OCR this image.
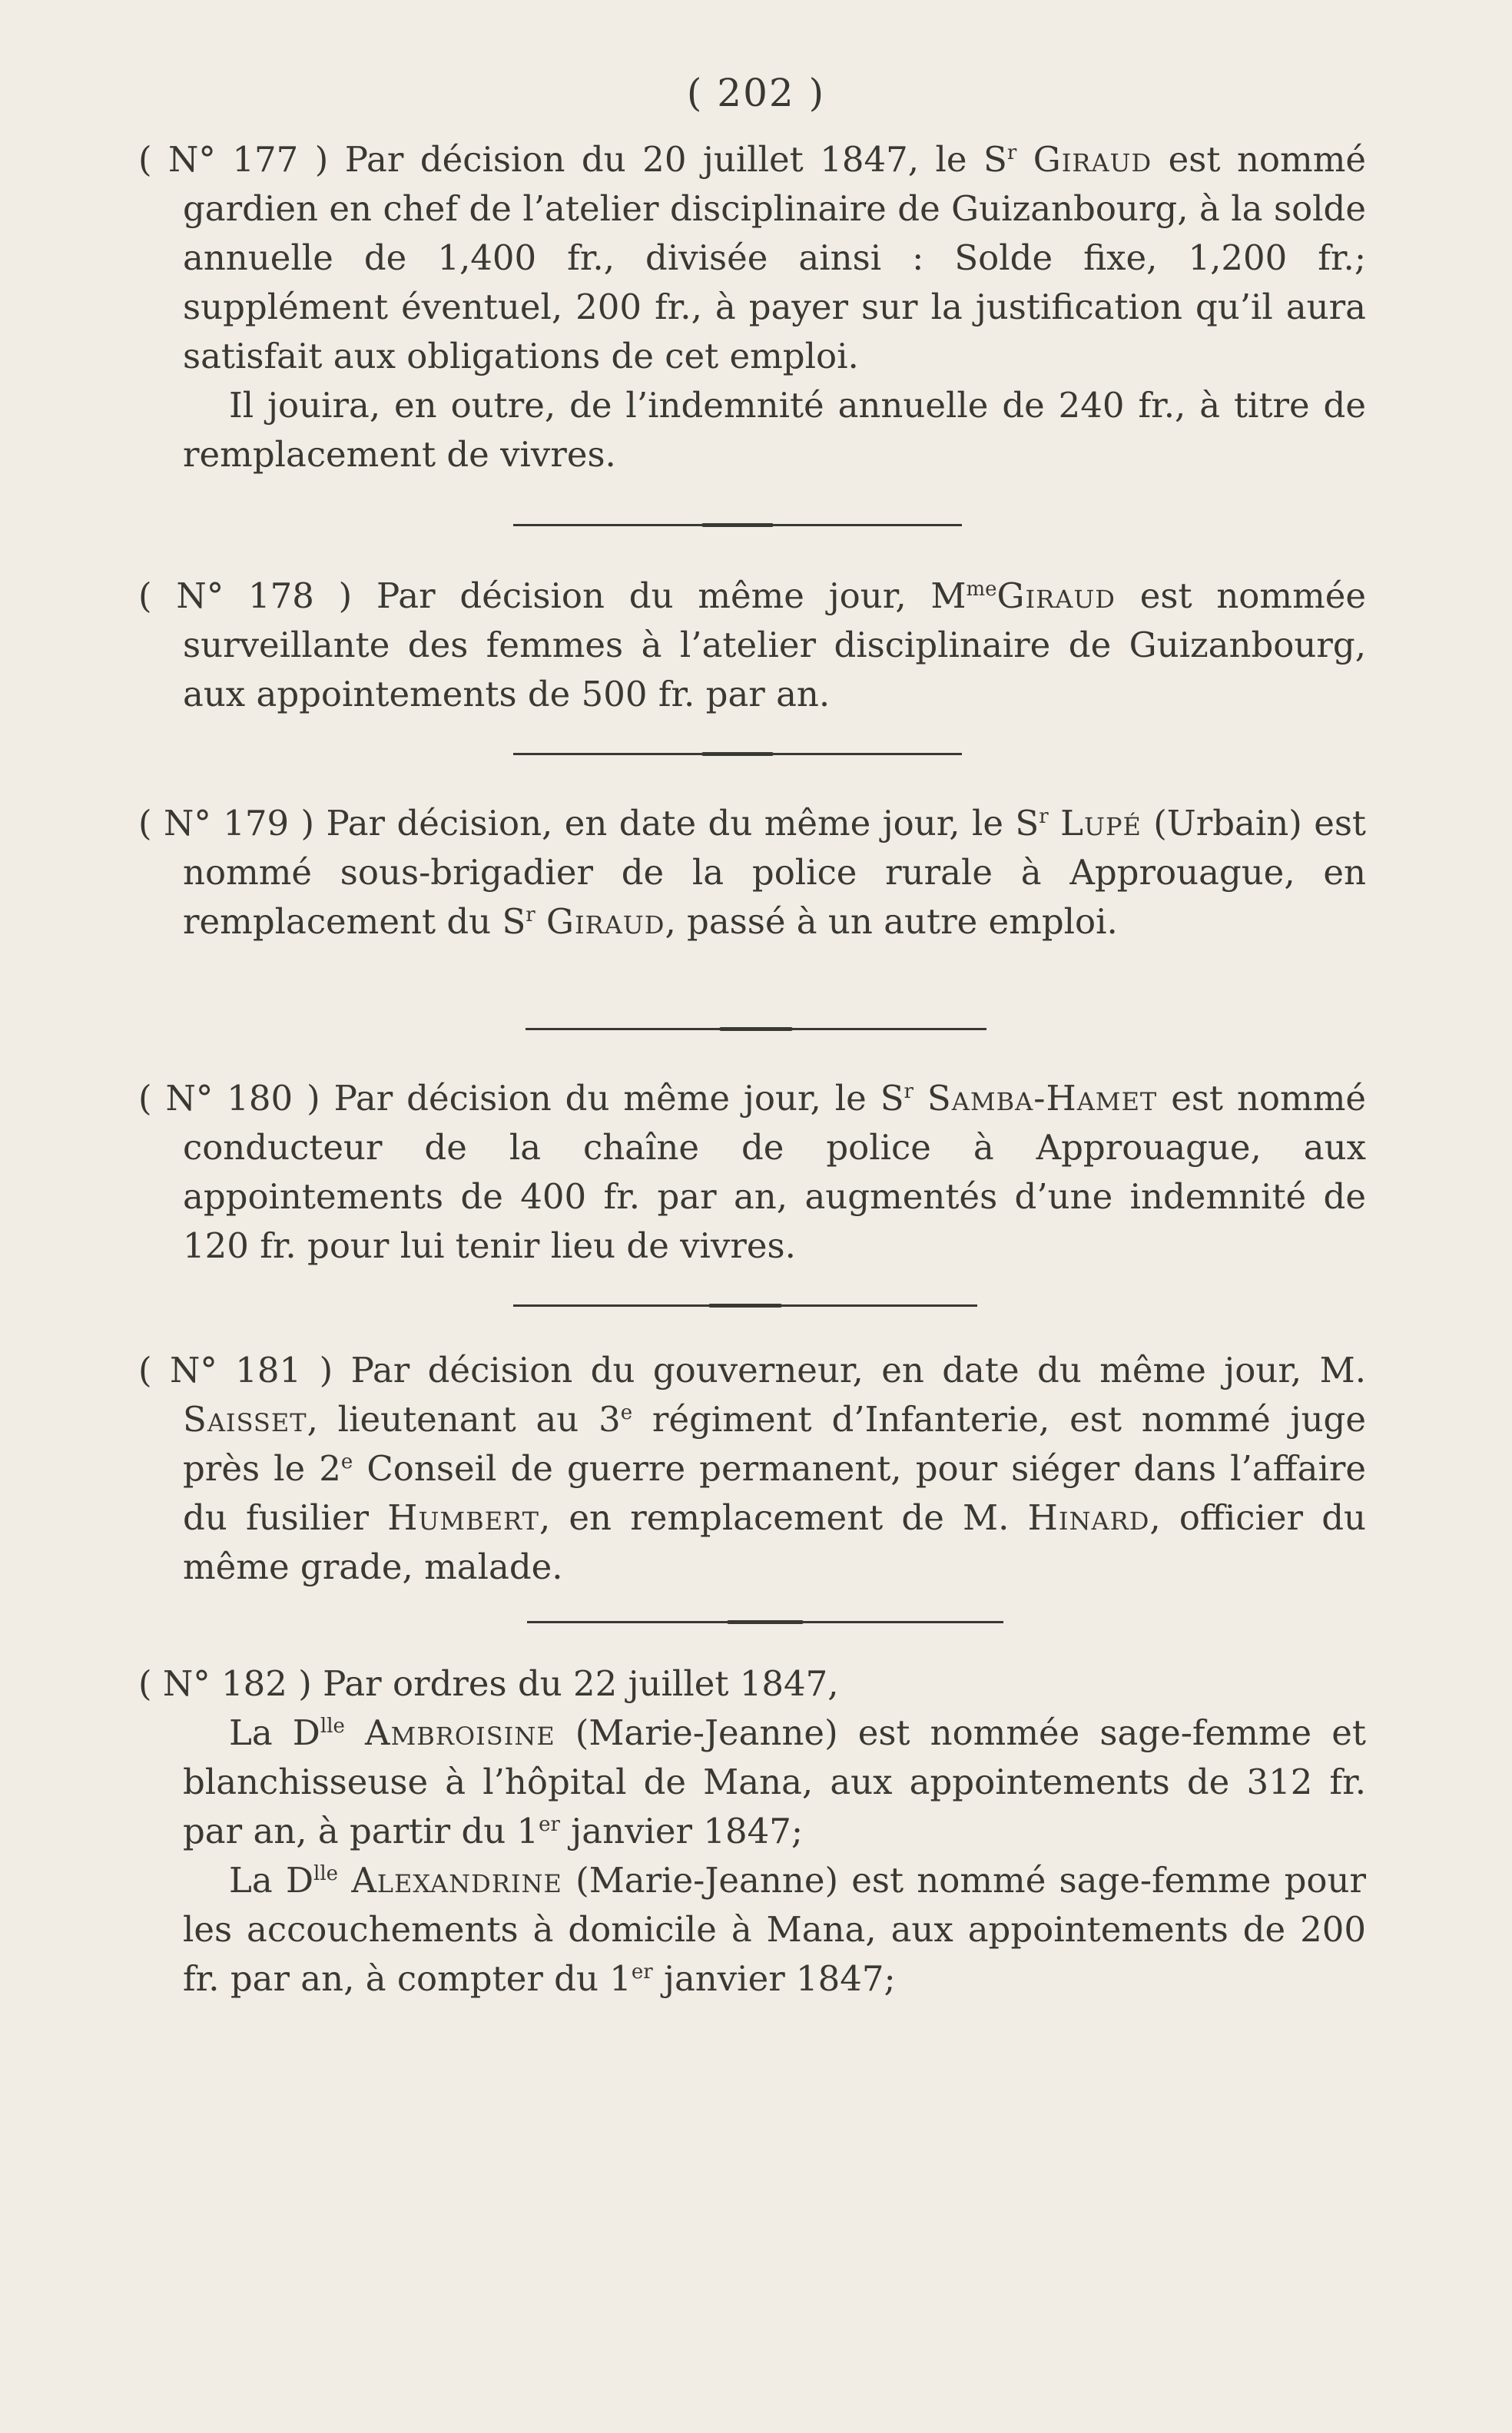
( 202 )

( N° 177 ) Par décision du 20 juillet 1847, le $S^r$ Giraud est nommé gardien en chef de l’atelier disciplinaire de Guizanbourg, à la solde annuelle de 1,400 fr., divisée ainsi : Solde fixe, 1,200 fr.; supplément éventuel, 200 fr., à payer sur la justification qu’il aura satisfait aux obligations de cet emploi.

Il jouira, en outre, de l’indemnité annuelle de 240 fr., à titre de remplacement de vivres.

( N° 178 ) Par décision du même jour, $M^{me}Giraud$ est nommée surveillante des femmes à l’atelier disciplinaire de Guizanbourg, aux appointements de 500 fr. par an.

( N° 179 ) Par décision, en date du même jour, le $S^r$ Lupé (Urbain) est nommé sous-brigadier de la police rurale à Approuague, en remplacement du $S^r$ Giraud, passé à un autre emploi.

( N° 180 ) Par décision du même jour, le $S^r$ Samba-Hamet est nommé conducteur de la chaîne de police à Approuague, aux appointements de 400 fr. par an, augmentés d’une indemnité de 120 fr. pour lui tenir lieu de vivres.

( N° 181 ) Par décision du gouverneur, en date du même jour, M. Saisset, lieutenant au 3e régiment d’Infanterie, est nommé juge près le 2e Conseil de guerre permanent, pour siéger dans l’affaire du fusilier Humbert, en remplacement de M. Hinard, officier du même grade, malade.

( N° 182 ) Par ordres du 22 juillet 1847,

La $D^{lle}$ Ambroisine (Marie-Jeanne) est nommée sage-femme et blanchisseuse à l’hôpital de Mana, aux appointements de 312 fr. par an, à partir du 1er janvier 1847;

La $D^{lle}$ Alexandrine (Marie-Jeanne) est nommé sage-femme pour les accouchements à domicile à Mana, aux appointements de 200 fr. par an, à compter du 1er janvier 1847;
